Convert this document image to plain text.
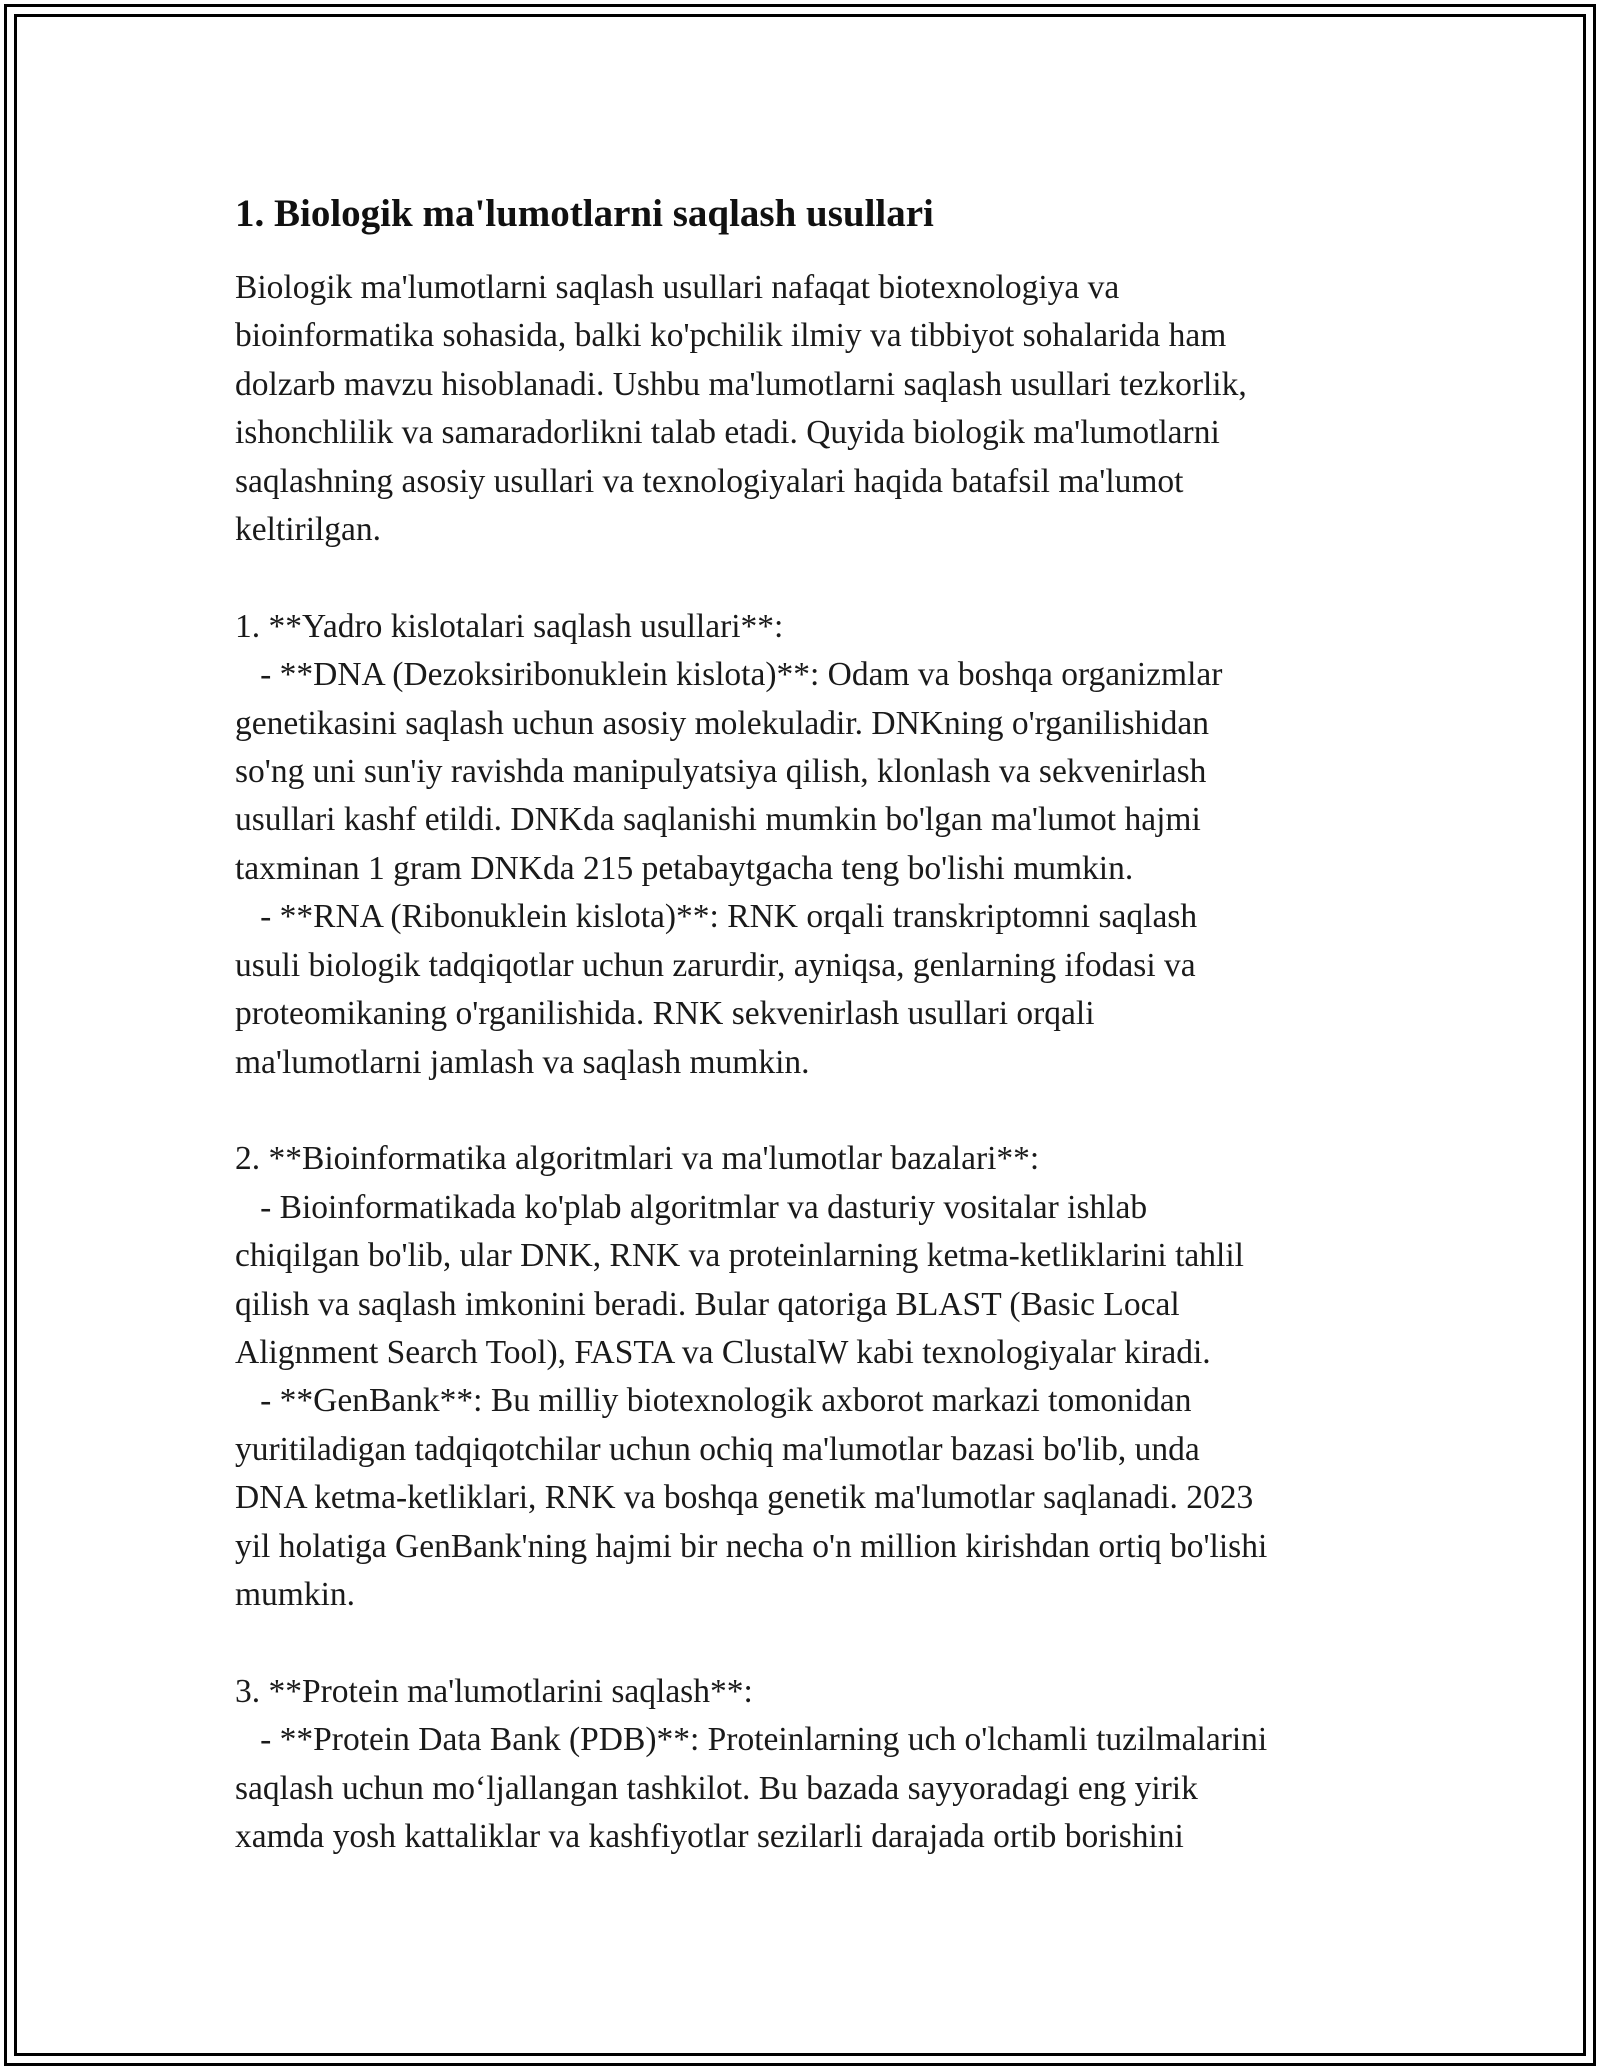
1. Biologik ma'lumotlarni saqlash usullari

Biologik ma'lumotlarni saqlash usullari nafaqat biotexnologiya va
bioinformatika sohasida, balki ko'pchilik ilmiy va tibbiyot sohalarida ham
dolzarb mavzu hisoblanadi. Ushbu ma'lumotlarni saqlash usullari tezkorlik,
ishonchlilik va samaradorlikni talab etadi. Quyida biologik ma'lumotlarni
saqlashning asosiy usullari va texnologiyalari haqida batafsil ma'lumot
keltirilgan.

1. **Yadro kislotalari saqlash usullari**:
- **DNA (Dezoksiribonuklein kislota)**: Odam va boshqa organizmlar
genetikasini saqlash uchun asosiy molekuladir. DNKning o'rganilishidan
so'ng uni sun'iy ravishda manipulyatsiya qilish, klonlash va sekvenirlash
usullari kashf etildi. DNKda saqlanishi mumkin bo'lgan ma'lumot hajmi
taxminan 1 gram DNKda 215 petabaytgacha teng bo'lishi mumkin.
- **RNA (Ribonuklein kislota)**: RNK orqali transkriptomni saqlash
usuli biologik tadqiqotlar uchun zarurdir, ayniqsa, genlarning ifodasi va
proteomikaning o'rganilishida. RNK sekvenirlash usullari orqali
ma'lumotlarni jamlash va saqlash mumkin.

2. **Bioinformatika algoritmlari va ma'lumotlar bazalari**:
- Bioinformatikada ko'plab algoritmlar va dasturiy vositalar ishlab
chiqilgan bo'lib, ular DNK, RNK va proteinlarning ketma-ketliklarini tahlil
qilish va saqlash imkonini beradi. Bular qatoriga BLAST (Basic Local
Alignment Search Tool), FASTA va ClustalW kabi texnologiyalar kiradi.
- **GenBank**: Bu milliy biotexnologik axborot markazi tomonidan
yuritiladigan tadqiqotchilar uchun ochiq ma'lumotlar bazasi bo'lib, unda
DNA ketma-ketliklari, RNK va boshqa genetik ma'lumotlar saqlanadi. 2023
yil holatiga GenBank'ning hajmi bir necha o'n million kirishdan ortiq bo'lishi
mumkin.

3. **Protein ma'lumotlarini saqlash**:
- **Protein Data Bank (PDB)**: Proteinlarning uch o'lchamli tuzilmalarini
saqlash uchun mo‘ljallangan tashkilot. Bu bazada sayyoradagi eng yirik
xamda yosh kattaliklar va kashfiyotlar sezilarli darajada ortib borishini
